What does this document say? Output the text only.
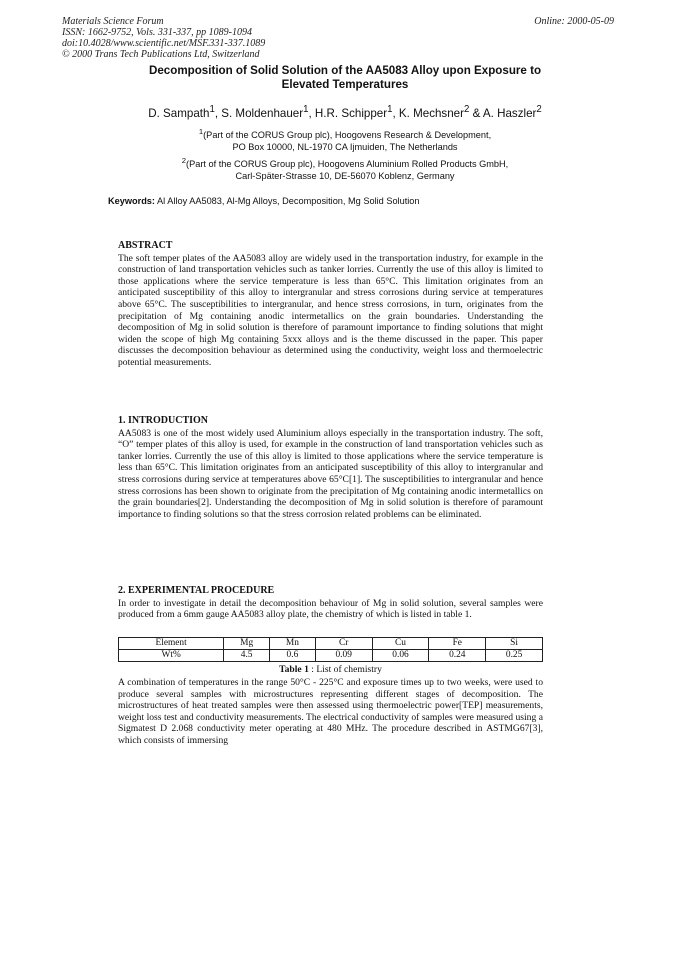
Materials Science Forum
ISSN: 1662-9752, Vols. 331-337, pp 1089-1094
doi:10.4028/www.scientific.net/MSF.331-337.1089
© 2000 Trans Tech Publications Ltd, Switzerland
Online: 2000-05-09
Decomposition of Solid Solution of the AA5083 Alloy upon Exposure to
Elevated Temperatures
D. Sampath$^1$, S. Moldenhauer$^1$, H.R. Schipper$^1$, K. Mechsner$^2$ & A. Haszler$^2$
$^1$(Part of the CORUS Group plc), Hoogovens Research & Development,
PO Box 10000, NL-1970 CA Ijmuiden, The Netherlands
$^2$(Part of the CORUS Group plc), Hoogovens Aluminium Rolled Products GmbH,
Carl-Später-Strasse 10, DE-56070 Koblenz, Germany
Keywords: Al Alloy AA5083, Al-Mg Alloys, Decomposition, Mg Solid Solution
ABSTRACT

The soft temper plates of the AA5083 alloy are widely used in the transportation industry, for example in the construction of land transportation vehicles such as tanker lorries. Currently the use of this alloy is limited to those applications where the service temperature is less than 65°C. This limitation originates from an anticipated susceptibility of this alloy to intergranular and stress corrosions during service at temperatures above 65°C. The susceptibilities to intergranular, and hence stress corrosions, in turn, originates from the precipitation of Mg containing anodic intermetallics on the grain boundaries. Understanding the decomposition of Mg in solid solution is therefore of paramount importance to finding solutions that might widen the scope of high Mg containing 5xxx alloys and is the theme discussed in the paper. This paper discusses the decomposition behaviour as determined using the conductivity, weight loss and thermoelectric potential measurements.

1. INTRODUCTION

AA5083 is one of the most widely used Aluminium alloys especially in the transportation industry. The soft, “O” temper plates of this alloy is used, for example in the construction of land transportation vehicles such as tanker lorries. Currently the use of this alloy is limited to those applications where the service temperature is less than 65°C. This limitation originates from an anticipated susceptibility of this alloy to intergranular and stress corrosions during service at temperatures above 65°C[1]. The susceptibilities to intergranular and hence stress corrosions has been shown to originate from the precipitation of Mg containing anodic intermetallics on the grain boundaries[2]. Understanding the decomposition of Mg in solid solution is therefore of paramount importance to finding solutions so that the stress corrosion related problems can be eliminated.

2. EXPERIMENTAL PROCEDURE

In order to investigate in detail the decomposition behaviour of Mg in solid solution, several samples were produced from a 6mm gauge AA5083 alloy plate, the chemistry of which is listed in table 1.

Element	Mg	Mn	Cr	Cu	Fe	Si
Wt%	4.5	0.6	0.09	0.06	0.24	0.25
Table 1 : List of chemistry

A combination of temperatures in the range 50°C - 225°C and exposure times up to two weeks, were used to produce several samples with microstructures representing different stages of decomposition. The microstructures of heat treated samples were then assessed using thermoelectric power[TEP] measurements, weight loss test and conductivity measurements. The electrical conductivity of samples were measured using a Sigmatest D 2.068 conductivity meter operating at 480 MHz. The procedure described in ASTMG67[3], which consists of immersing
